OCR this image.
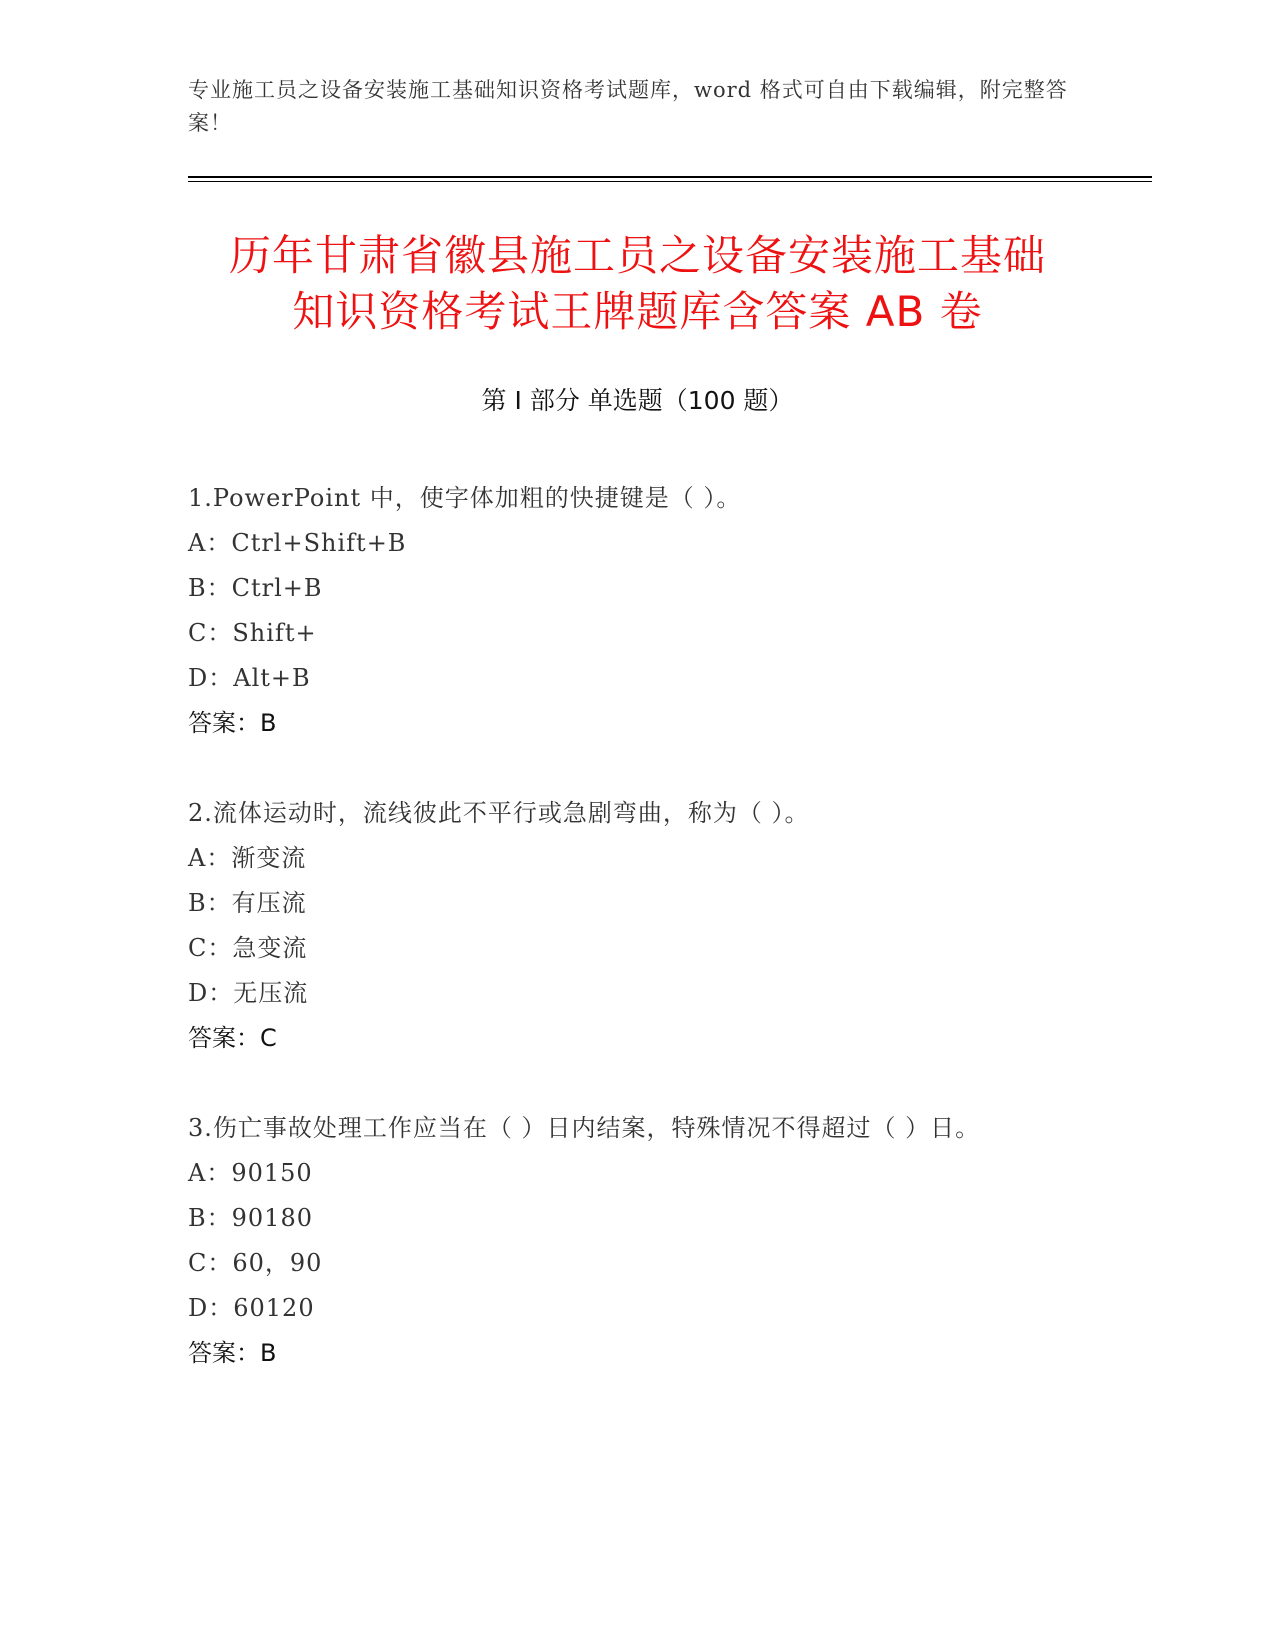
专业施工员之设备安装施工基础知识资格考试题库，word 格式可自由下载编辑，附完整答案！
历年甘肃省徽县施工员之设备安装施工基础
知识资格考试王牌题库含答案 AB 卷
第 I 部分 单选题（100 题）

1.PowerPoint 中，使字体加粗的快捷键是（ ）。

A：Ctrl+Shift+B

B：Ctrl+B

C：Shift+

D：Alt+B

答案：B

2.流体运动时，流线彼此不平行或急剧弯曲，称为（ ）。

A：渐变流

B：有压流

C：急变流

D：无压流

答案：C

3.伤亡事故处理工作应当在（ ）日内结案，特殊情况不得超过（ ）日。

A：90150

B：90180

C：60，90

D：60120

答案：B
